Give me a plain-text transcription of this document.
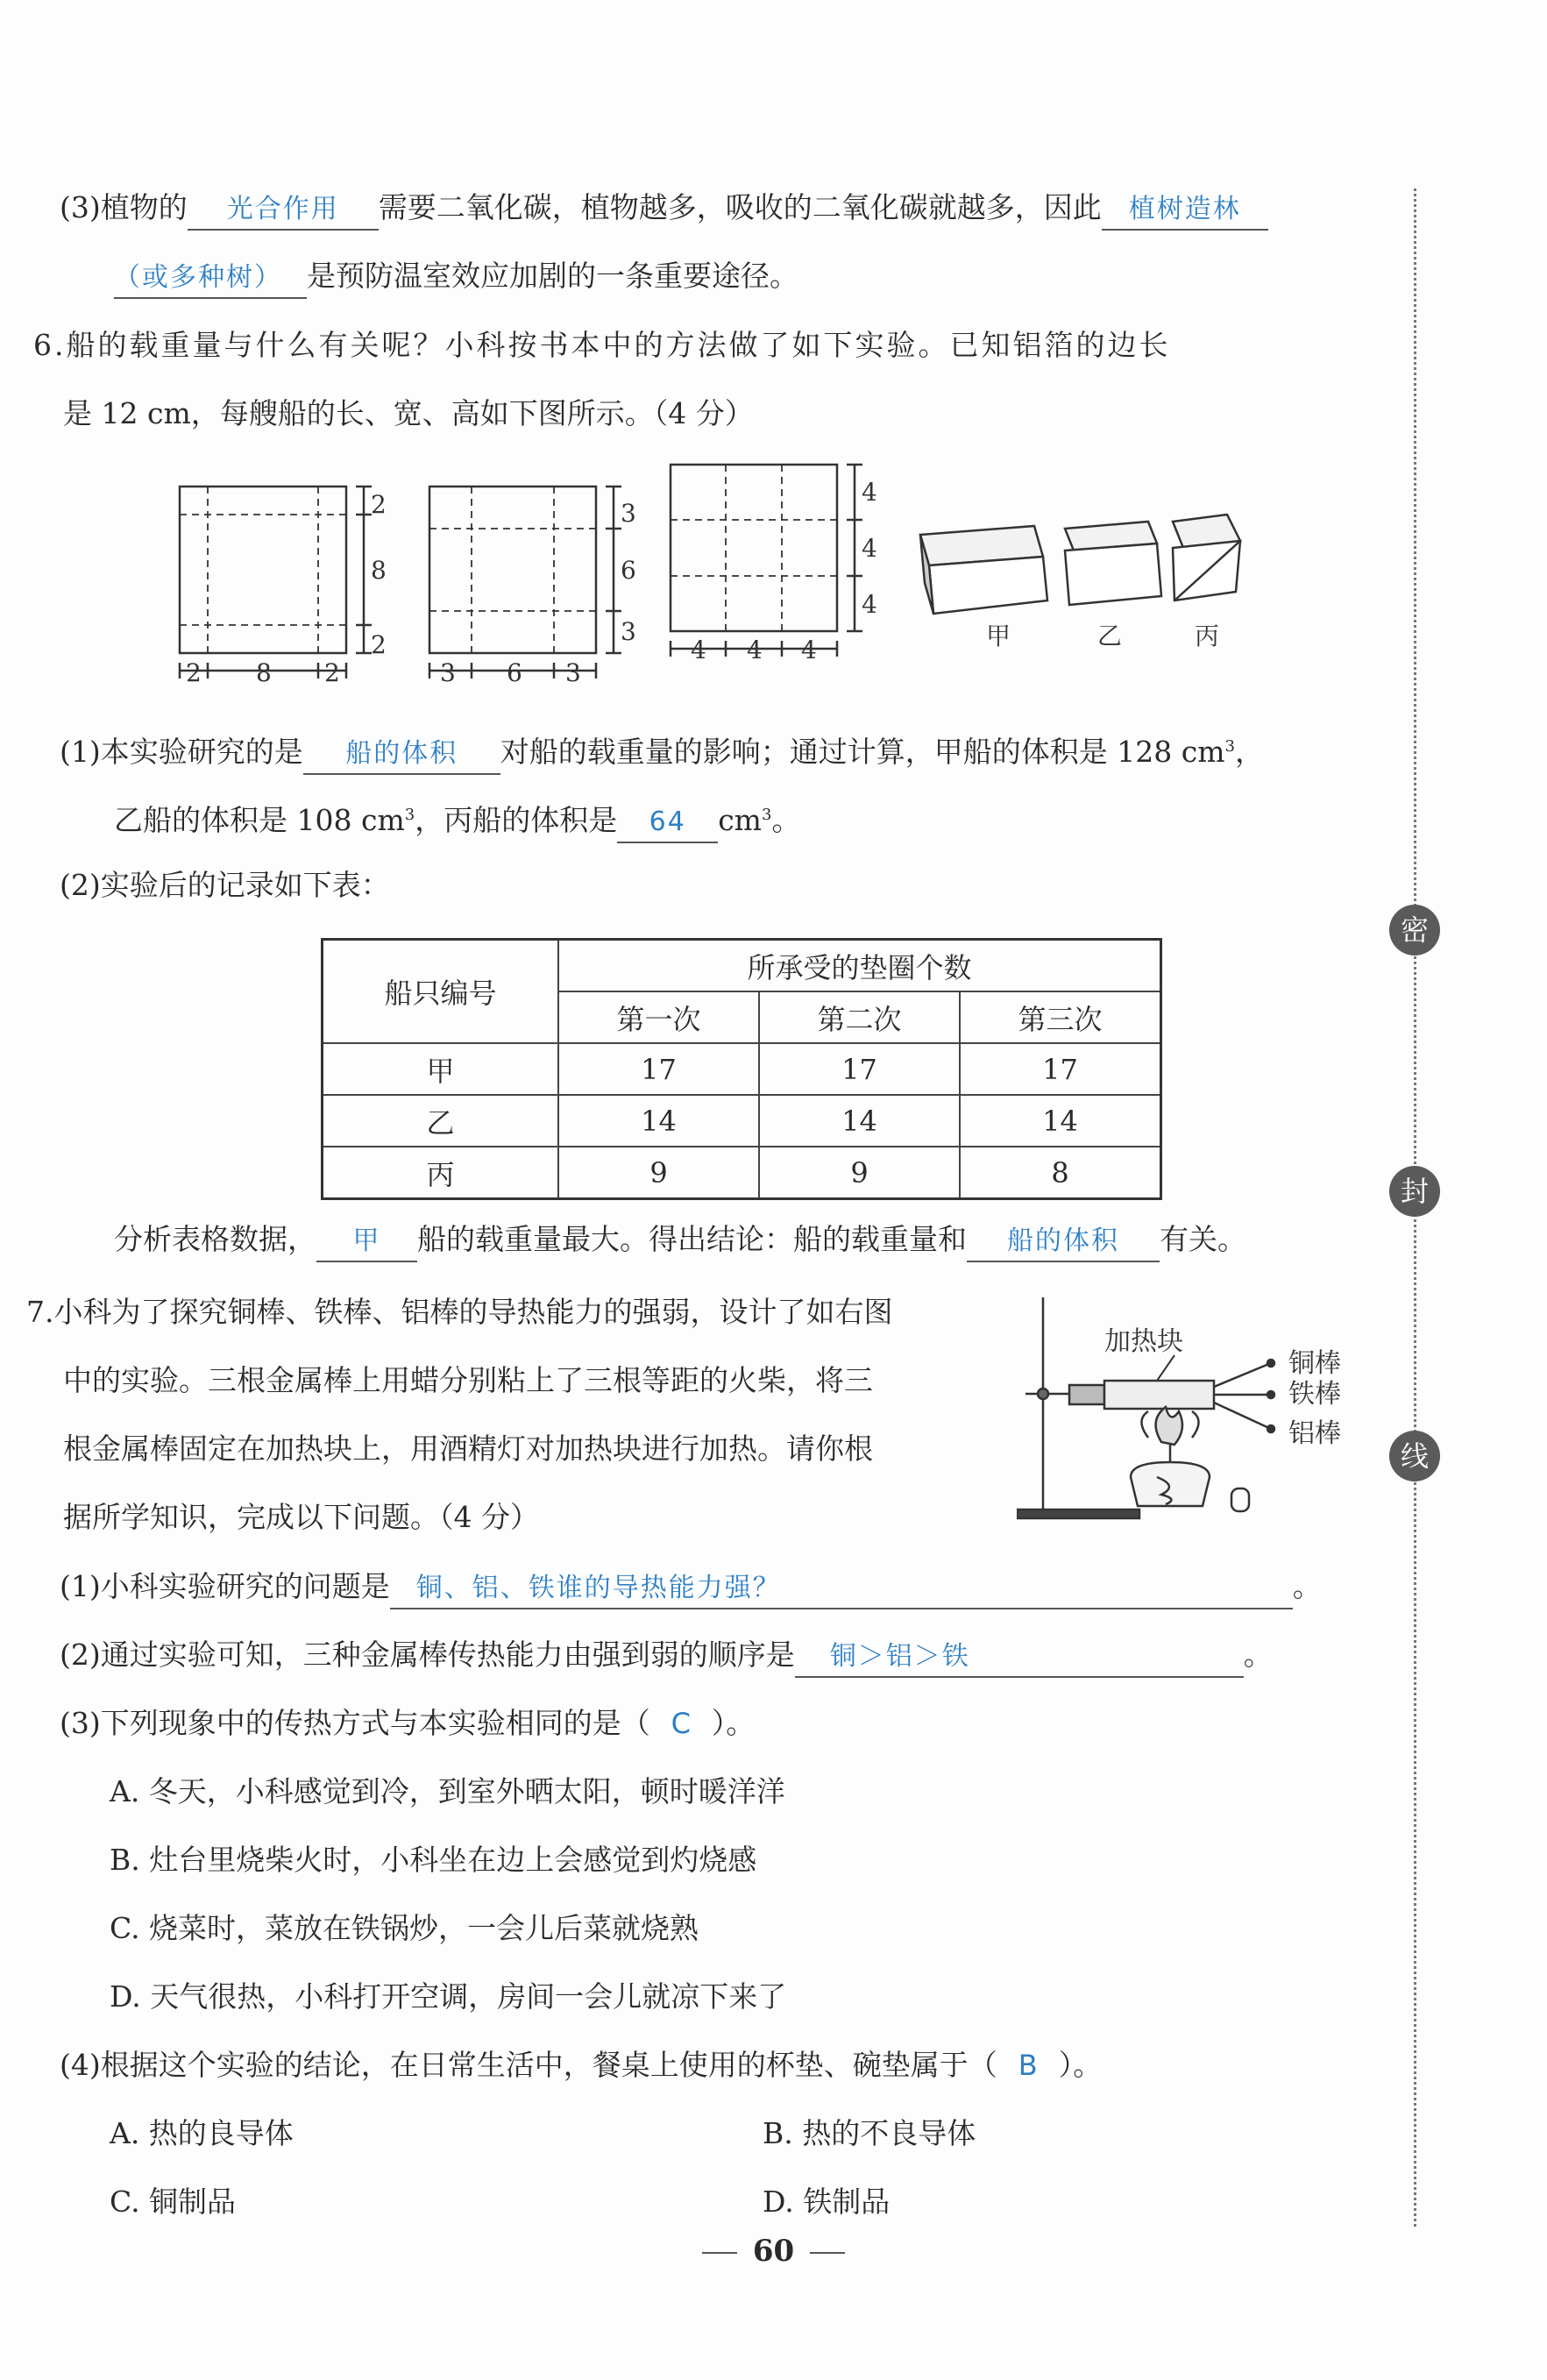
(3)植物的 光合作用 需要二氧化碳，植物越多，吸收的二氧化碳就越多，因此 植树造林
（或多种树） 是预防温室效应加剧的一条重要途径。
6.船的载重量与什么有关呢？小科按书本中的方法做了如下实验。已知铝箔的边长
是 12 cm，每艘船的长、宽、高如下图所示。（4 分）
2
8
2
2 8 2
3
6
3
3 6 3
4
4
4
4 4 4	甲	乙	丙
(1)本实验研究的是 船的体积 对船的载重量的影响；通过计算，甲船的体积是 128 $cm^3$，
乙船的体积是 108 $cm^3$，丙船的体积是 64 $cm^3$。
(2)实验后的记录如下表：
船只编号	所承受的垫圈个数		
	第一次	第二次	第三次
甲	17	17	17
乙	14	14	14
丙	9	9	8
分析表格数据， 甲 船的载重量最大。得出结论：船的载重量和 船的体积 有关。
7.小科为了探究铜棒、铁棒、铝棒的导热能力的强弱，设计了如右图
中的实验。三根金属棒上用蜡分别粘上了三根等距的火柴，将三
根金属棒固定在加热块上，用酒精灯对加热块进行加热。请你根
据所学知识，完成以下问题。（4 分）
加热块
铜棒
铁棒
铝棒
(1)小科实验研究的问题是 铜、铝、铁谁的导热能力强？	。
(2)通过实验可知，三种金属棒传热能力由强到弱的顺序是 铜＞铝＞铁	。
(3)下列现象中的传热方式与本实验相同的是（ C ）。
A. 冬天，小科感觉到冷，到室外晒太阳，顿时暖洋洋
B. 灶台里烧柴火时，小科坐在边上会感觉到灼烧感
C. 烧菜时，菜放在铁锅炒，一会儿后菜就烧熟
D. 天气很热，小科打开空调，房间一会儿就凉下来了
(4)根据这个实验的结论，在日常生活中，餐桌上使用的杯垫、碗垫属于（ B ）。
A. 热的良导体	B. 热的不良导体
C. 铜制品	D. 铁制品
密
封
线
60
